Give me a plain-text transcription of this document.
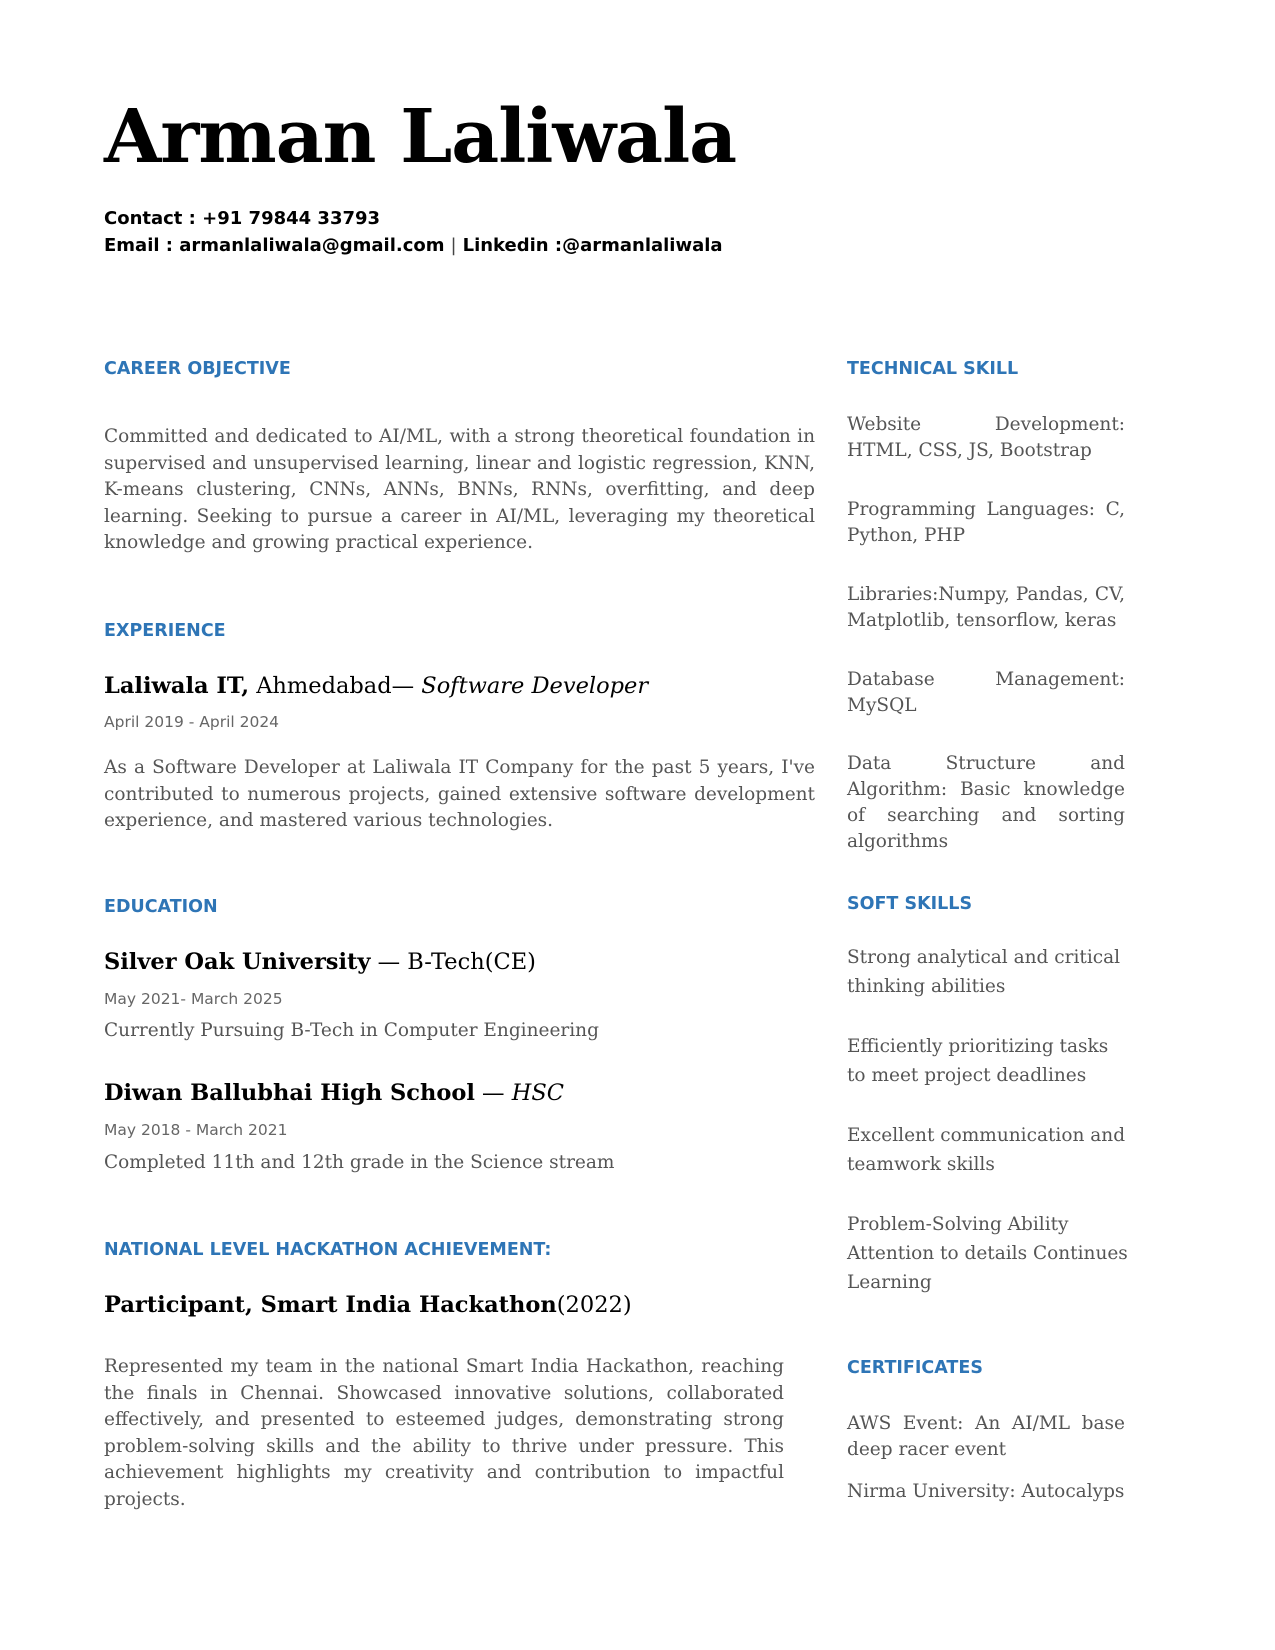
Arman Laliwala
Contact : +91 79844 33793
Email : armanlaliwala@gmail.com | Linkedin :@armanlaliwala
CAREER OBJECTIVE
Committed and dedicated to AI/ML, with a strong theoretical foundation in supervised and unsupervised learning, linear and logistic regression, KNN, K-means clustering, CNNs, ANNs, BNNs, RNNs, overfitting, and deep learning. Seeking to pursue a career in AI/ML, leveraging my theoretical knowledge and growing practical experience.
EXPERIENCE
Laliwala IT, Ahmedabad— Software Developer
April 2019 - April 2024
As a Software Developer at Laliwala IT Company for the past 5 years, I've contributed to numerous projects, gained extensive software development experience, and mastered various technologies.
EDUCATION
Silver Oak University — B-Tech(CE)
May 2021- March 2025
Currently Pursuing B-Tech in Computer Engineering
Diwan Ballubhai High School — HSC
May 2018 - March 2021
Completed 11th and 12th grade in the Science stream
NATIONAL LEVEL HACKATHON ACHIEVEMENT:
Participant, Smart India Hackathon(2022)
Represented my team in the national Smart India Hackathon, reaching the finals in Chennai. Showcased innovative solutions, collaborated effectively, and presented to esteemed judges, demonstrating strong problem-solving skills and the ability to thrive under pressure. This achievement highlights my creativity and contribution to impactful projects.
TECHNICAL SKILL
Website Development: HTML, CSS, JS, Bootstrap
Programming Languages: C, Python, PHP
Libraries:Numpy, Pandas, CV, Matplotlib, tensorflow, keras
Database Management: MySQL
Data Structure and Algorithm: Basic knowledge of searching and sorting algorithms
SOFT SKILLS
Strong analytical and critical thinking abilities
Efficiently prioritizing tasks to meet project deadlines
Excellent communication and teamwork skills
Problem-Solving Ability Attention to details Continues Learning
CERTIFICATES
AWS Event: An AI/ML base deep racer event
Nirma University: Autocalyps
